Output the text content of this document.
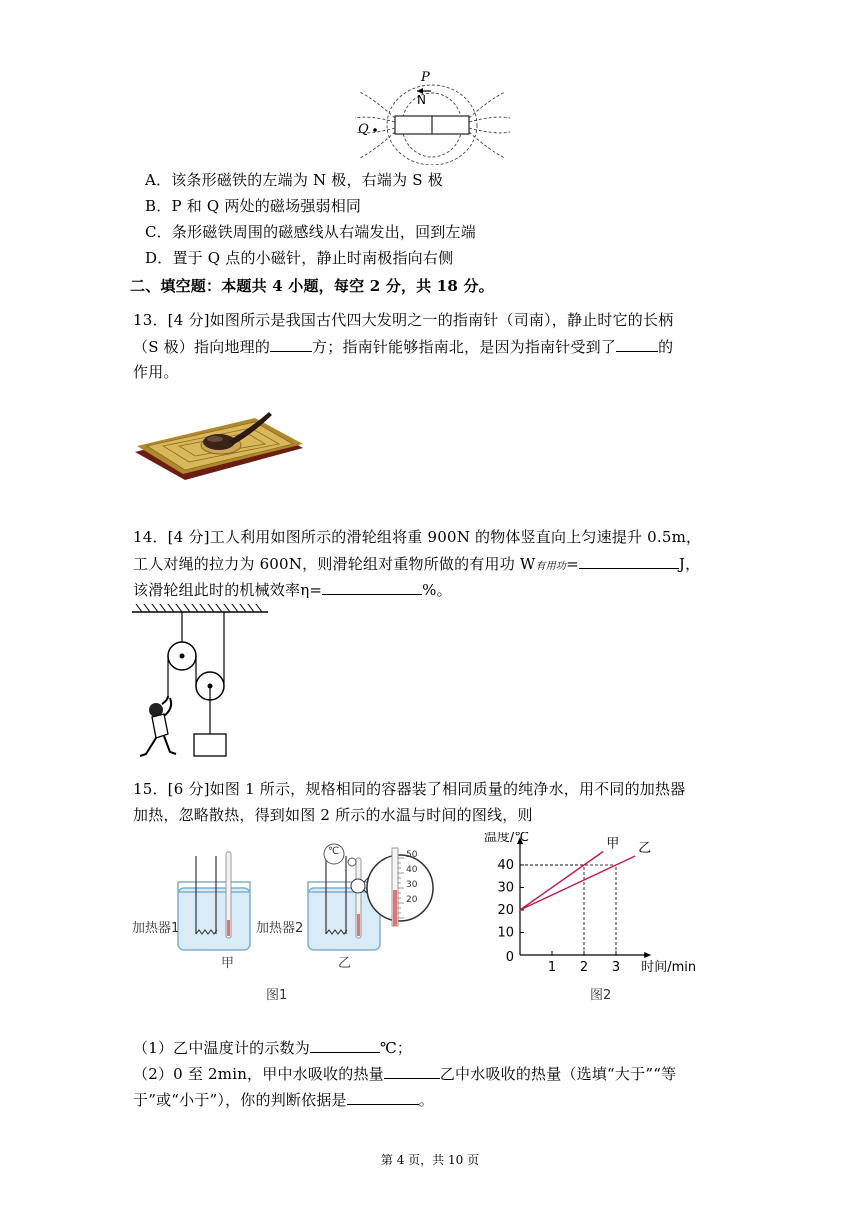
P
N
Q
A．该条形磁铁的左端为 N 极，右端为 S 极
B．P 和 Q 两处的磁场强弱相同
C．条形磁铁周围的磁感线从右端发出，回到左端
D．置于 Q 点的小磁针，静止时南极指向右侧
二、填空题：本题共 4 小题，每空 2 分，共 18 分。
13．[4 分]如图所示是我国古代四大发明之一的指南针（司南），静止时它的长柄
（S 极）指向地理的	方；指南针能够指南北，是因为指南针受到了	的
作用。
14．[4 分]工人利用如图所示的滑轮组将重 900N 的物体竖直向上匀速提升 0.5m，
工人对绳的拉力为 600N，则滑轮组对重物所做的有用功 W有用功=	J，
该滑轮组此时的机械效率η=	%。
15．[6 分]如图 1 所示，规格相同的容器装了相同质量的纯净水，用不同的加热器
加热，忽略散热，得到如图 2 所示的水温与时间的图线，则
加热器1	加热器2
甲	乙
℃	50
40
30
20
图1
1 2 3
10
20
30
40
0
温度/℃
时间/min
甲 乙
图2
（1）乙中温度计的示数为	℃；
（2）0 至 2min，甲中水吸收的热量	乙中水吸收的热量（选填“大于”“等
于”或“小于”），你的判断依据是	。
第 4 页，共 10 页
